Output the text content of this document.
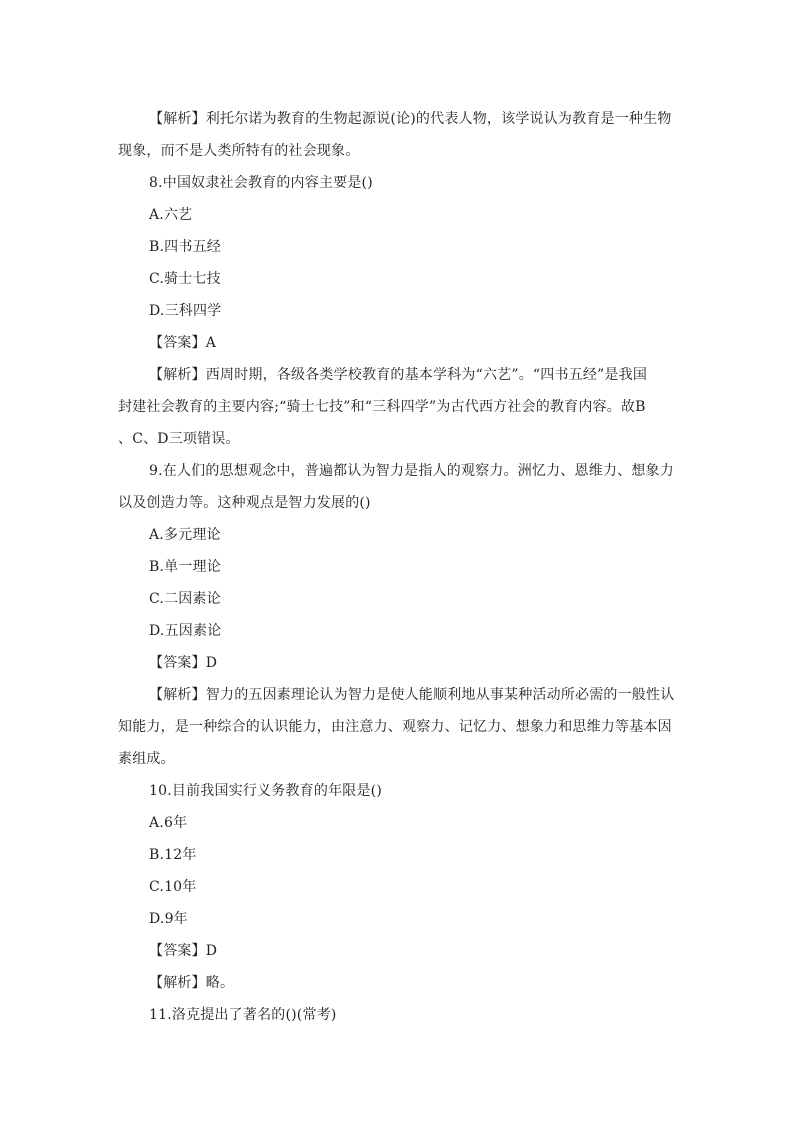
【解析】利托尔诺为教育的生物起源说(论)的代表人物，该学说认为教育是一种生物
现象，而不是人类所特有的社会现象。
8.中国奴隶社会教育的内容主要是()
A.六艺
B.四书五经
C.骑士七技
D.三科四学
【答案】A
【解析】西周时期，各级各类学校教育的基本学科为“六艺”。“四书五经”是我国
封建社会教育的主要内容;“骑士七技”和“三科四学”为古代西方社会的教育内容。故B
、C、D三项错误。
9.在人们的思想观念中，普遍都认为智力是指人的观察力。洲忆力、恩维力、想象力
以及创造力等。这种观点是智力发展的()
A.多元理论
B.单一理论
C.二因素论
D.五因素论
【答案】D
【解析】智力的五因素理论认为智力是使人能顺利地从事某种活动所必需的一般性认
知能力，是一种综合的认识能力，由注意力、观察力、记忆力、想象力和思维力等基本因
素组成。
10.目前我国实行义务教育的年限是()
A.6年
B.12年
C.10年
D.9年
【答案】D
【解析】略。
11.洛克提出了著名的()(常考)
